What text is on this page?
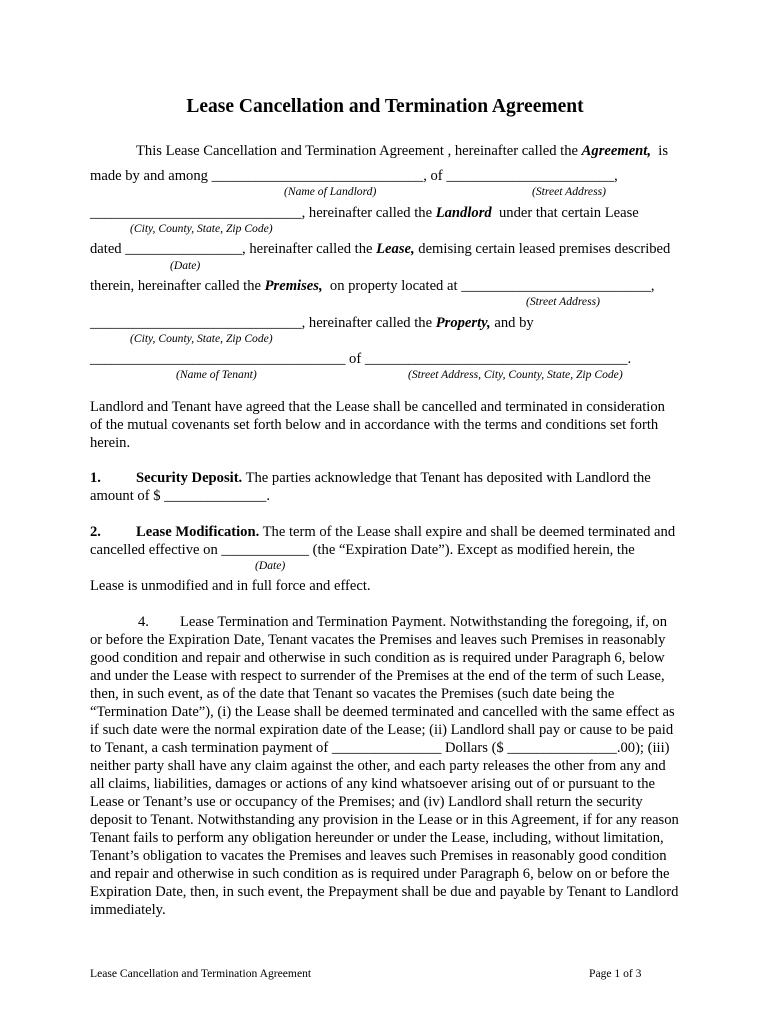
Lease Cancellation and Termination Agreement
This Lease Cancellation and Termination Agreement , hereinafter called the Agreement,  is
made by and among _____________________________, of _______________________,
(Name of Landlord)	(Street Address)
_____________________________, hereinafter called the Landlord  under that certain Lease
(City, County, State, Zip Code)
dated ________________, hereinafter called the Lease, demising certain leased premises described
(Date)
therein, hereinafter called the Premises,  on property located at __________________________,
(Street Address)
_____________________________, hereinafter called the Property, and by
(City, County, State, Zip Code)
___________________________________ of ____________________________________.
(Name of Tenant)	(Street Address, City, County, State, Zip Code)
Landlord and Tenant have agreed that the Lease shall be cancelled and terminated in consideration of the mutual covenants set forth below and in accordance with the terms and conditions set forth herein.
1. Security Deposit. The parties acknowledge that Tenant has deposited with Landlord the amount of $ ______________.
2. Lease Modification. The term of the Lease shall expire and shall be deemed terminated and cancelled effective on ____________ (the “Expiration Date”). Except as modified herein, the
(Date)
Lease is unmodified and in full force and effect.
4. Lease Termination and Termination Payment. Notwithstanding the foregoing, if, on or before the Expiration Date, Tenant vacates the Premises and leaves such Premises in reasonably good condition and repair and otherwise in such condition as is required under Paragraph 6, below and under the Lease with respect to surrender of the Premises at the end of the term of such Lease, then, in such event, as of the date that Tenant so vacates the Premises (such date being the “Termination Date”), (i) the Lease shall be deemed terminated and cancelled with the same effect as if such date were the normal expiration date of the Lease; (ii) Landlord shall pay or cause to be paid to Tenant, a cash termination payment of _______________ Dollars ($ _______________.00); (iii) neither party shall have any claim against the other, and each party releases the other from any and all claims, liabilities, damages or actions of any kind whatsoever arising out of or pursuant to the Lease or Tenant’s use or occupancy of the Premises; and (iv) Landlord shall return the security deposit to Tenant. Notwithstanding any provision in the Lease or in this Agreement, if for any reason Tenant fails to perform any obligation hereunder or under the Lease, including, without limitation, Tenant’s obligation to vacates the Premises and leaves such Premises in reasonably good condition and repair and otherwise in such condition as is required under Paragraph 6, below on or before the Expiration Date, then, in such event, the Prepayment shall be due and payable by Tenant to Landlord immediately.
Lease Cancellation and Termination Agreement	Page 1 of 3
